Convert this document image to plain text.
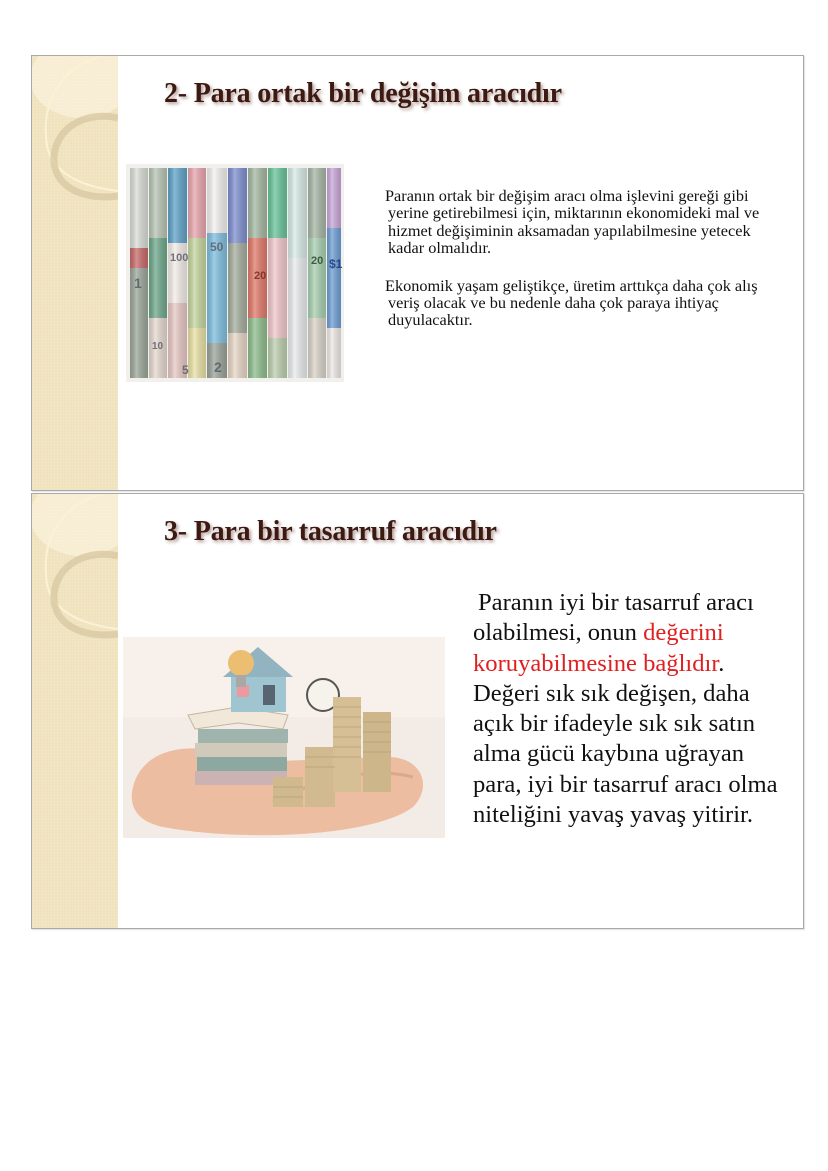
2- Para ortak bir değişim aracıdır
100
50
20
20 $1
1
10
5 2

Paranın ortak bir değişim aracı olma işlevini gereği gibi yerine getirebilmesi için, miktarının ekonomideki mal ve hizmet değişiminin aksamadan yapılabilmesine yetecek kadar olmalıdır.

Ekonomik yaşam geliştikçe, üretim arttıkça daha çok alış veriş olacak ve bu nedenle daha çok paraya ihtiyaç duyulacaktır.

3- Para bir tasarruf aracıdır

Paranın iyi bir tasarruf aracı olabilmesi, onun değerini koruyabilmesine bağlıdır. Değeri sık sık değişen, daha açık bir ifadeyle sık sık satın alma gücü kaybına uğrayan para, iyi bir tasarruf aracı olma niteliğini yavaş yavaş yitirir.
